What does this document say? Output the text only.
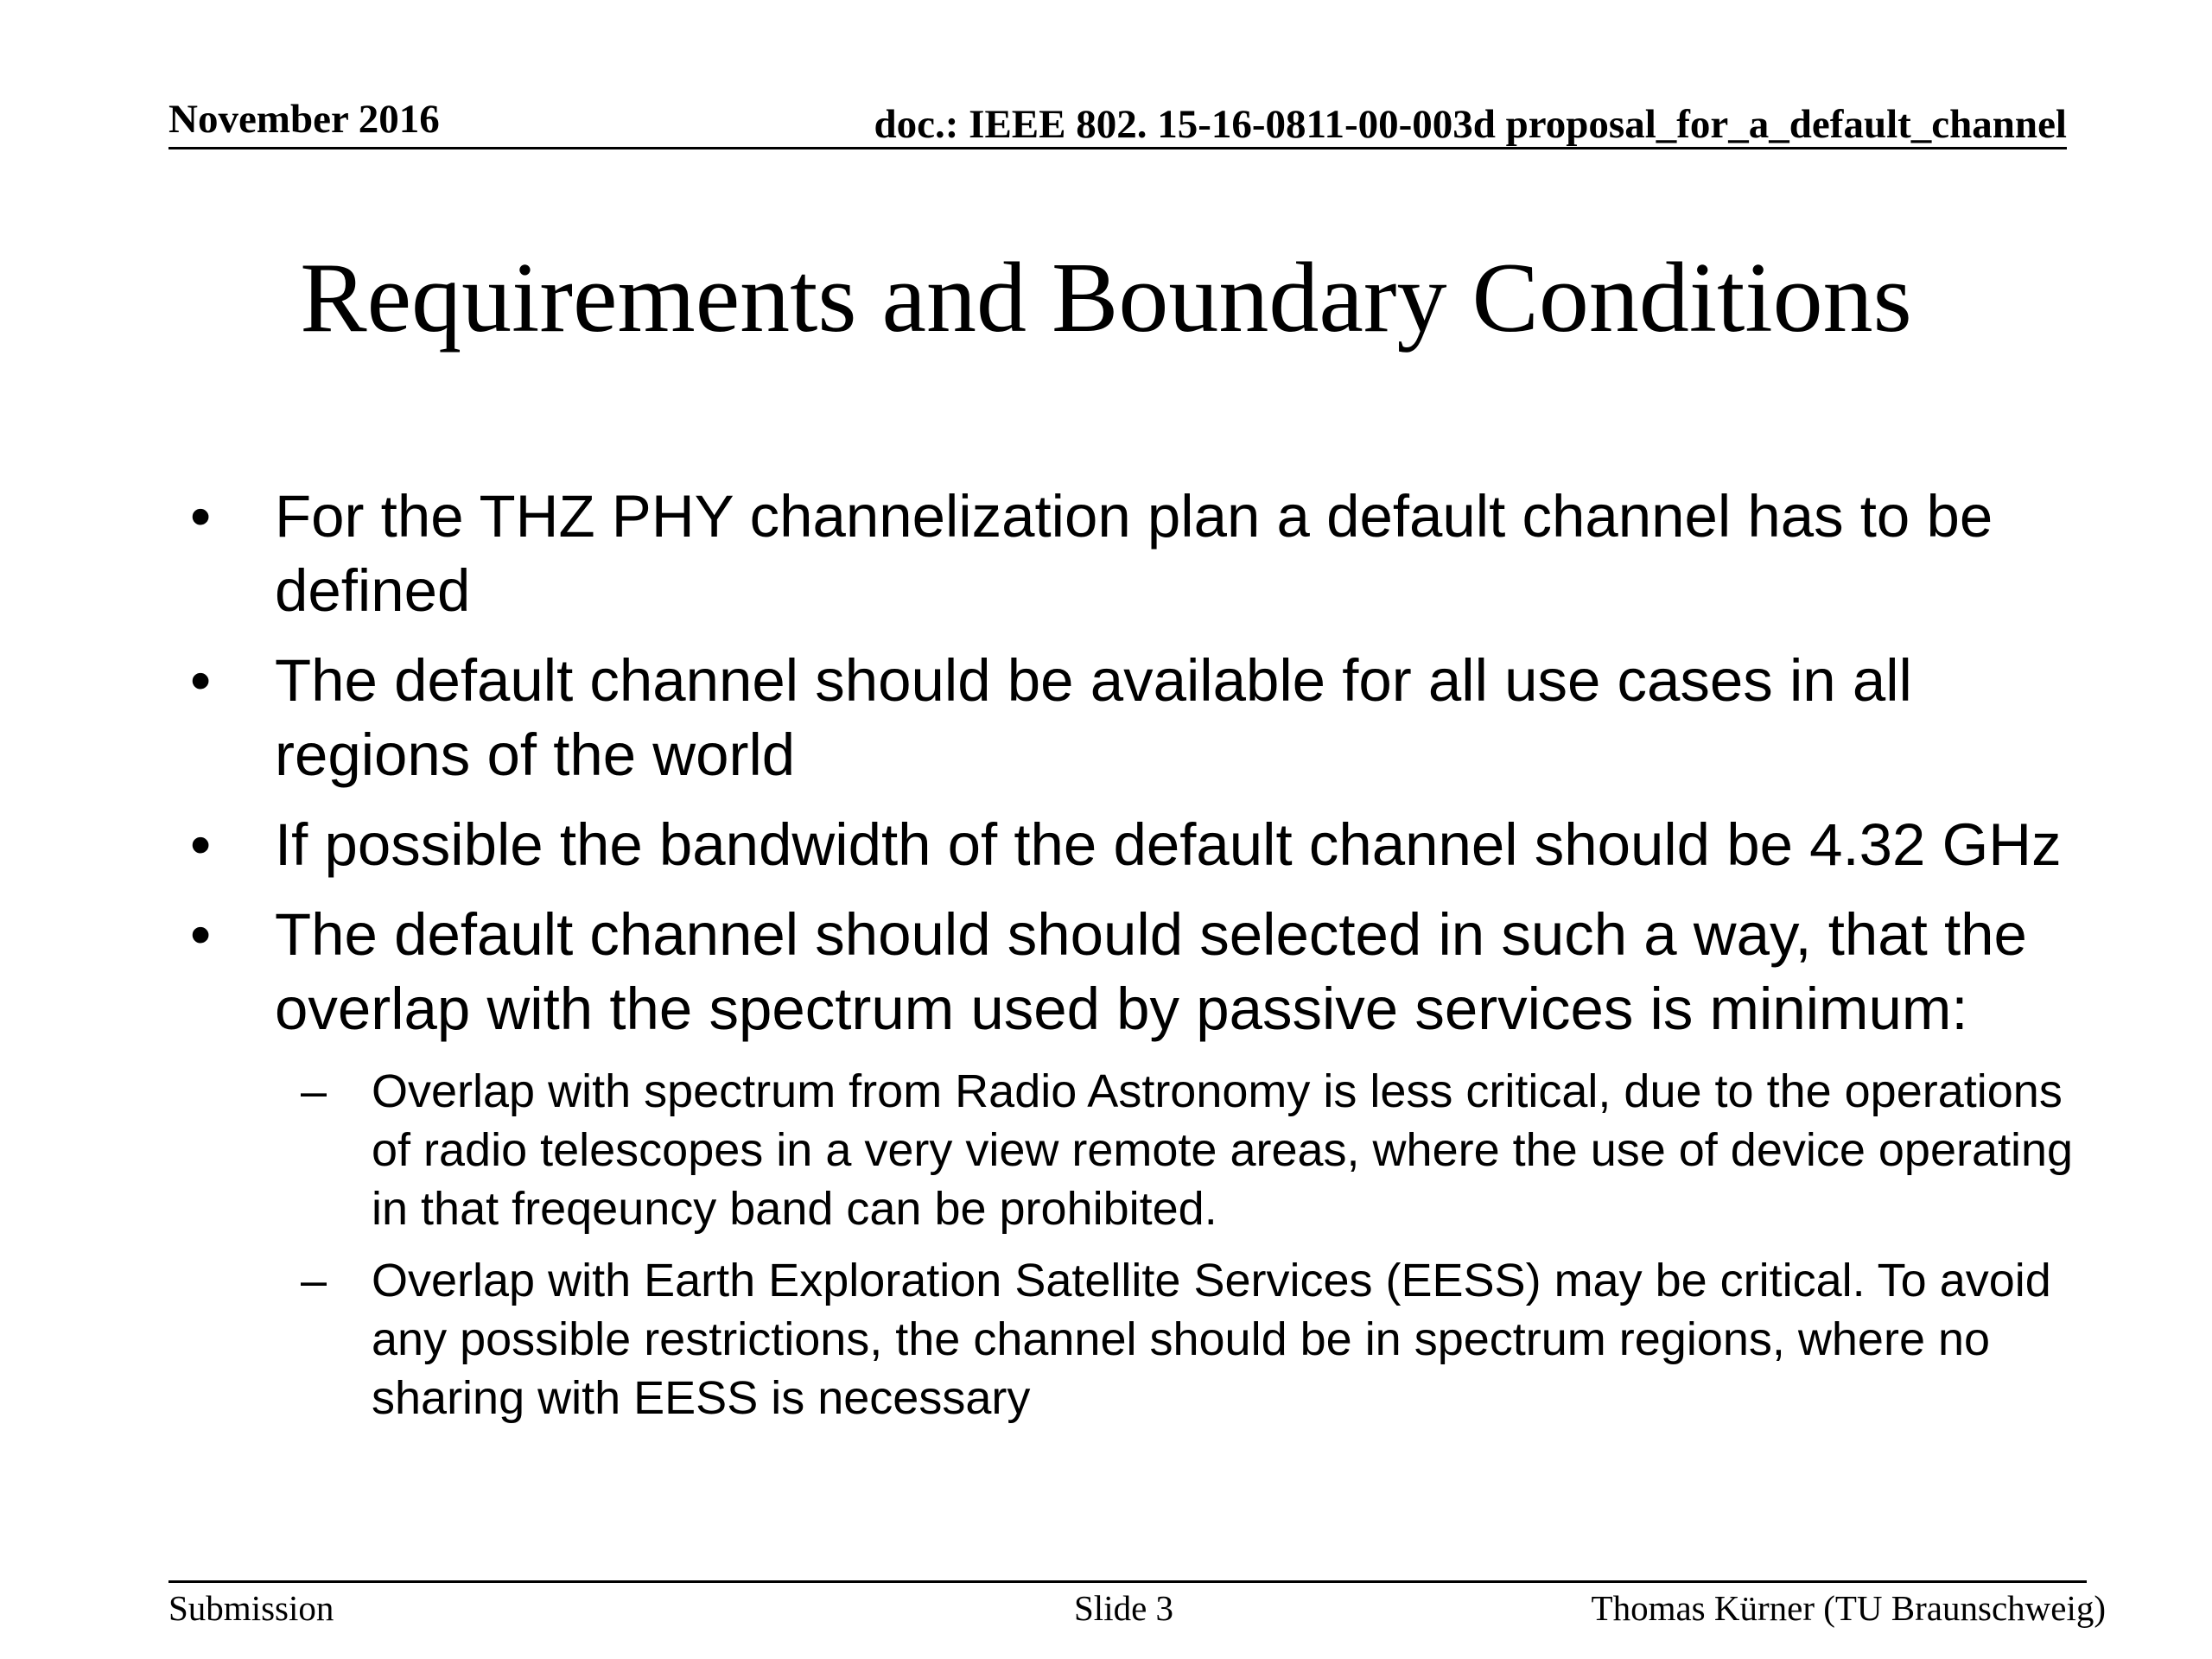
November 2016	doc.: IEEE 802. 15-16-0811-00-003d proposal_for_a_default_channel
Requirements and Boundary Conditions
• For the THZ PHY channelization plan a default channel has to be defined
• The default channel should be available for all use cases in all regions of the world
• If possible the bandwidth of the default channel should be 4.32 GHz
• The default channel should should selected in such a way, that the overlap with the spectrum used by passive services is minimum:
– Overlap with spectrum from Radio Astronomy is less critical, due to the operations of radio telescopes in a very view remote areas, where the use of device operating in that freqeuncy band can be prohibited.
– Overlap with Earth Exploration Satellite Services (EESS) may be critical. To avoid any possible restrictions, the channel should be in spectrum regions, where no sharing with EESS is necessary
Submission	Slide 3	Thomas Kürner (TU Braunschweig)
